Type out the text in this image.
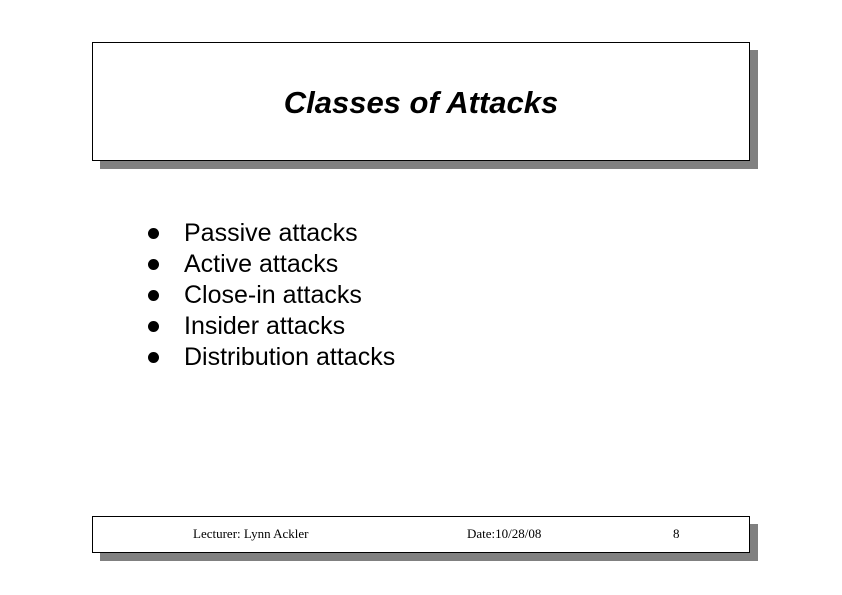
Classes of Attacks
Passive attacks
Active attacks
Close-in attacks
Insider attacks
Distribution attacks
Lecturer: Lynn Ackler	Date:10/28/08	8
